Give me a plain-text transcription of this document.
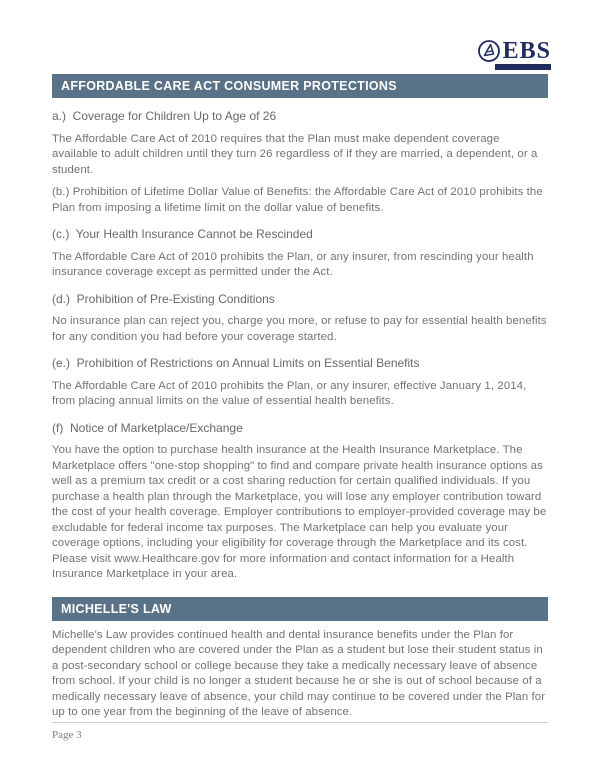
EBS
AFFORDABLE CARE ACT CONSUMER PROTECTIONS

a.)  Coverage for Children Up to Age of 26

The Affordable Care Act of 2010 requires that the Plan must make dependent coverage available to adult children until they turn 26 regardless of if they are married, a dependent, or a student.

(b.) Prohibition of Lifetime Dollar Value of Benefits: the Affordable Care Act of 2010 prohibits the Plan from imposing a lifetime limit on the dollar value of benefits.

(c.)  Your Health Insurance Cannot be Rescinded

The Affordable Care Act of 2010 prohibits the Plan, or any insurer, from rescinding your health insurance coverage except as permitted under the Act.

(d.)  Prohibition of Pre-Existing Conditions

No insurance plan can reject you, charge you more, or refuse to pay for essential health benefits for any condition you had before your coverage started.

(e.)  Prohibition of Restrictions on Annual Limits on Essential Benefits

The Affordable Care Act of 2010 prohibits the Plan, or any insurer, effective January 1, 2014, from placing annual limits on the value of essential health benefits.

(f)  Notice of Marketplace/Exchange

You have the option to purchase health insurance at the Health Insurance Marketplace. The Marketplace offers "one-stop shopping" to find and compare private health insurance options as well as a premium tax credit or a cost sharing reduction for certain qualified individuals. If you purchase a health plan through the Marketplace, you will lose any employer contribution toward the cost of your health coverage. Employer contributions to employer-provided coverage may be excludable for federal income tax purposes. The Marketplace can help you evaluate your coverage options, including your eligibility for coverage through the Marketplace and its cost. Please visit www.Healthcare.gov for more information and contact information for a Health Insurance Marketplace in your area.

MICHELLE'S LAW

Michelle's Law provides continued health and dental insurance benefits under the Plan for dependent children who are covered under the Plan as a student but lose their student status in a post-secondary school or college because they take a medically necessary leave of absence from school. If your child is no longer a student because he or she is out of school because of a medically necessary leave of absence, your child may continue to be covered under the Plan for up to one year from the beginning of the leave of absence.

Page 3
